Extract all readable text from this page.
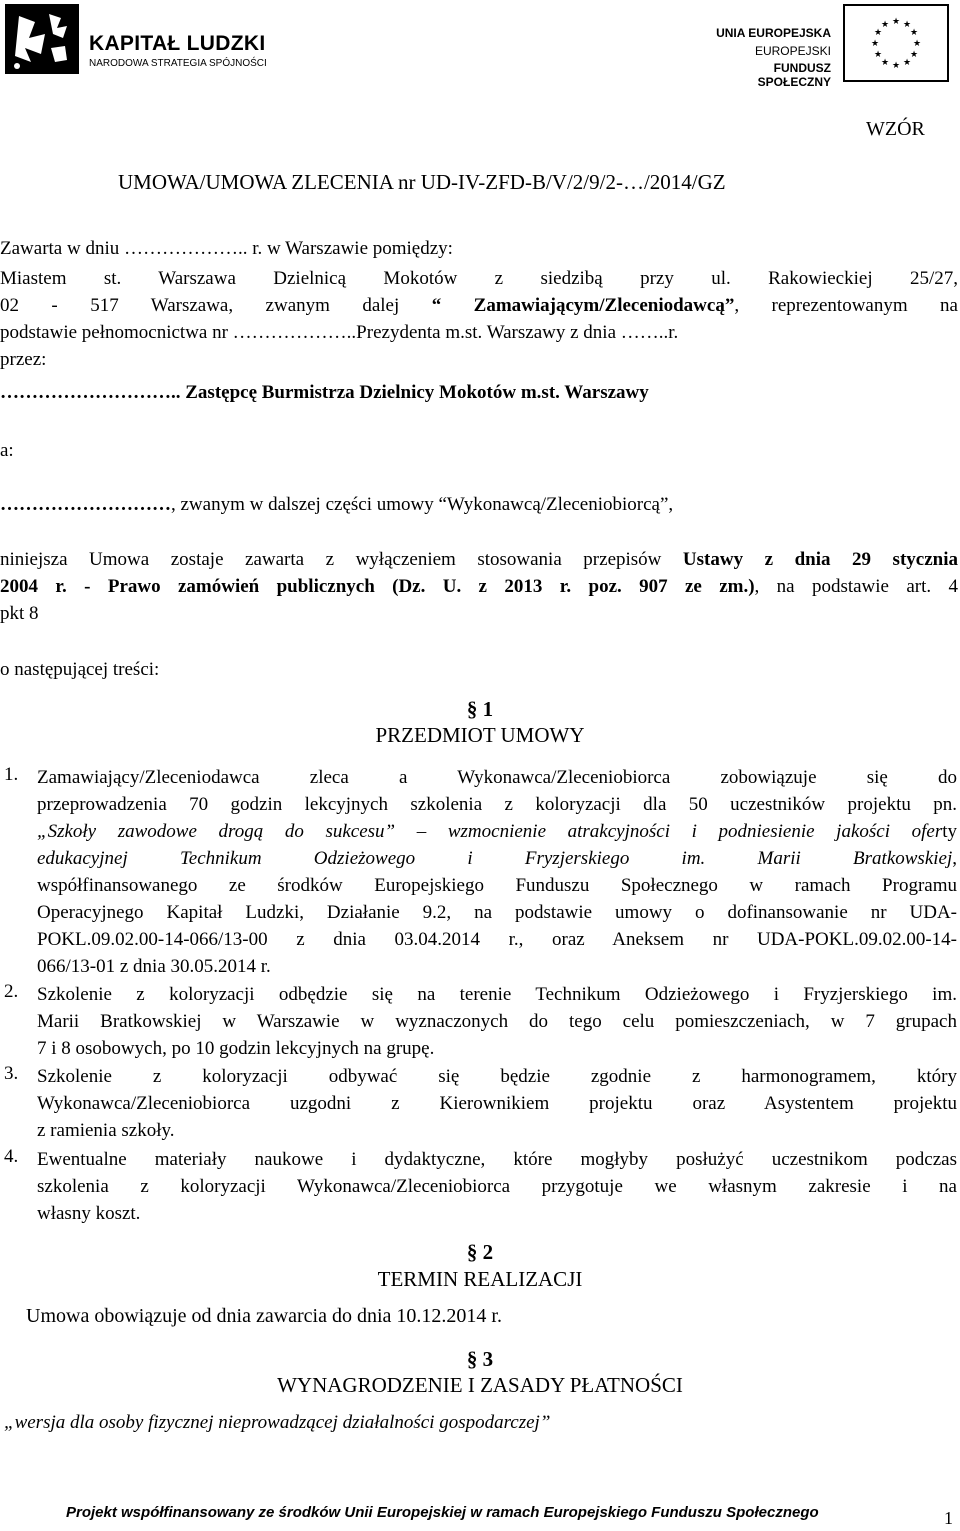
KAPITAŁ LUDZKI
NARODOWA STRATEGIA SPÓJNOŚCI
UNIA EUROPEJSKA
EUROPEJSKI
FUNDUSZ SPOŁECZNY
★ ★
★
★
★
★
★
★
★
★
★
★
WZÓR
UMOWA/UMOWA ZLECENIA nr UD-IV-ZFD-B/V/2/9/2-…/2014/GZ
Zawarta w dniu ……………….. r. w Warszawie pomiędzy:
Miastem st. Warszawa Dzielnicą Mokotów z siedzibą przy ul. Rakowieckiej 25/27,
02 - 517 Warszawa, zwanym dalej “ Zamawiającym/Zleceniodawcą”, reprezentowanym na
podstawie pełnomocnictwa nr ………………..Prezydenta m.st. Warszawy z dnia ……..r.
przez:
……………………….. Zastępcę Burmistrza Dzielnicy Mokotów m.st. Warszawy
a:
………………………, zwanym w dalszej części umowy “Wykonawcą/Zleceniobiorcą”,
niniejsza Umowa zostaje zawarta z wyłączeniem stosowania przepisów Ustawy z dnia 29 stycznia
2004 r. - Prawo zamówień publicznych (Dz. U. z 2013 r. poz. 907 ze zm.), na podstawie art. 4
pkt 8
o następującej treści:
§ 1
PRZEDMIOT UMOWY
1. Zamawiający/Zleceniodawca zleca a Wykonawca/Zleceniobiorca zobowiązuje się do
przeprowadzenia 70 godzin lekcyjnych szkolenia z koloryzacji dla 50 uczestników projektu pn.
„Szkoły zawodowe drogą do sukcesu” – wzmocnienie atrakcyjności i podniesienie jakości oferty
edukacyjnej Technikum Odzieżowego i Fryzjerskiego im. Marii Bratkowskiej,
współfinansowanego ze środków Europejskiego Funduszu Społecznego w ramach Programu
Operacyjnego Kapitał Ludzki, Działanie 9.2, na podstawie umowy o dofinansowanie nr UDA-
POKL.09.02.00-14-066/13-00 z dnia 03.04.2014 r., oraz Aneksem nr UDA-POKL.09.02.00-14-
066/13-01 z dnia 30.05.2014 r.
2. Szkolenie z koloryzacji odbędzie się na terenie Technikum Odzieżowego i Fryzjerskiego im.
Marii Bratkowskiej w Warszawie w wyznaczonych do tego celu pomieszczeniach, w 7 grupach
7 i 8 osobowych, po 10 godzin lekcyjnych na grupę.
3. Szkolenie z koloryzacji odbywać się będzie zgodnie z harmonogramem, który
Wykonawca/Zleceniobiorca uzgodni z Kierownikiem projektu oraz Asystentem projektu
z ramienia szkoły.
4. Ewentualne materiały naukowe i dydaktyczne, które mogłyby posłużyć uczestnikom podczas
szkolenia z koloryzacji Wykonawca/Zleceniobiorca przygotuje we własnym zakresie i na
własny koszt.
§ 2
TERMIN REALIZACJI
Umowa obowiązuje od dnia zawarcia do dnia 10.12.2014 r.
§ 3
WYNAGRODZENIE I ZASADY PŁATNOŚCI
„wersja dla osoby fizycznej nieprowadzącej działalności gospodarczej”
Projekt współfinansowany ze środków Unii Europejskiej w ramach Europejskiego Funduszu Społecznego	1
